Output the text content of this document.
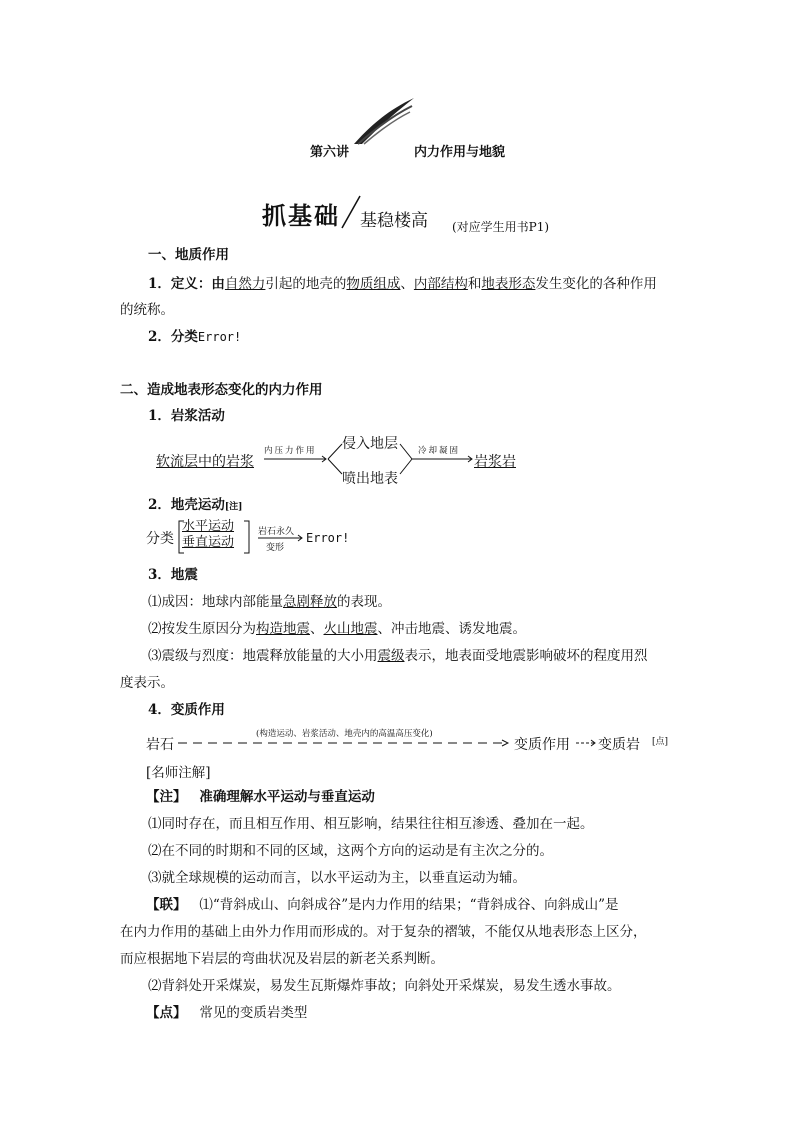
第六讲	内力作用与地貌
抓基础 基稳楼高 (对应学生用书P1)
一、地质作用
1．定义：由自然力引起的地壳的物质组成、内部结构和地表形态发生变化的各种作用
的统称。
2．分类Error!
二、造成地表形态变化的内力作用
1．岩浆活动
软流层中的岩浆
内压力作用 侵入地层
喷出地表
冷却凝固
岩浆岩
2．地壳运动[注]
分类
水平运动
垂直运动
岩石永久
变形
Error!
3．地震
⑴成因：地球内部能量急剧释放的表现。
⑵按发生原因分为构造地震、火山地震、冲击地震、诱发地震。
⑶震级与烈度：地震释放能量的大小用震级表示，地表面受地震影响破坏的程度用烈
度表示。
4．变质作用
岩石
(构造运动、岩浆活动、地壳内的高温高压变化)
变质作用 变质岩 [点]
[名师注解]
【注】 准确理解水平运动与垂直运动
⑴同时存在，而且相互作用、相互影响，结果往往相互渗透、叠加在一起。
⑵在不同的时期和不同的区域，这两个方向的运动是有主次之分的。
⑶就全球规模的运动而言，以水平运动为主，以垂直运动为辅。
【联】 ⑴“背斜成山、向斜成谷”是内力作用的结果；“背斜成谷、向斜成山”是
在内力作用的基础上由外力作用而形成的。对于复杂的褶皱，不能仅从地表形态上区分，
而应根据地下岩层的弯曲状况及岩层的新老关系判断。
⑵背斜处开采煤炭，易发生瓦斯爆炸事故；向斜处开采煤炭，易发生透水事故。
【点】 常见的变质岩类型
